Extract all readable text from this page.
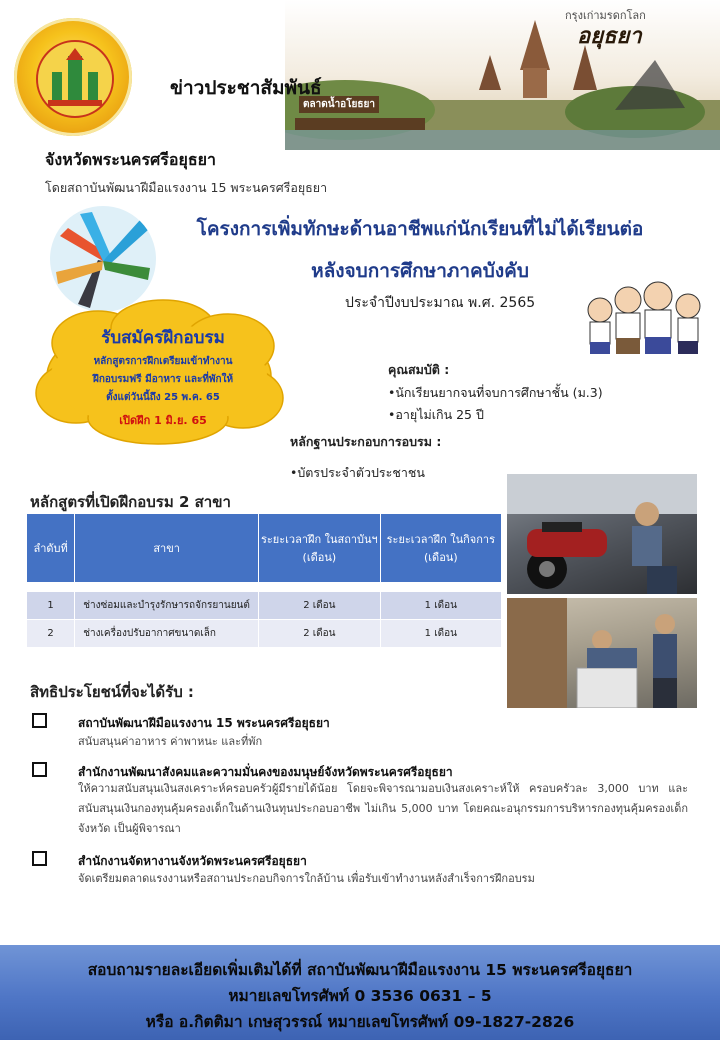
กรุงเก่ามรดกโลก
อยุธยา
ตลาดน้ำอโยธยา
ข่าวประชาสัมพันธ์
จังหวัดพระนครศรีอยุธยา
โดยสถาบันพัฒนาฝีมือแรงงาน 15 พระนครศรีอยุธยา
โครงการเพิ่มทักษะด้านอาชีพแก่นักเรียนที่ไม่ได้เรียนต่อ
หลังจบการศึกษาภาคบังคับ
ประจำปีงบประมาณ พ.ศ. 2565
รับสมัครฝึกอบรม
หลักสูตรการฝึกเตรียมเข้าทำงาน
ฝึกอบรมฟรี มีอาหาร และที่พักให้
ตั้งแต่วันนี้ถึง 25 พ.ค. 65
เปิดฝึก 1 มิ.ย. 65
คุณสมบัติ :
•นักเรียนยากจนที่จบการศึกษาชั้น (ม.3)
•อายุไม่เกิน 25 ปี
หลักฐานประกอบการอบรม :
•บัตรประจำตัวประชาชน
หลักสูตรที่เปิดฝึกอบรม 2 สาขา
ลำดับที่	สาขา	ระยะเวลาฝึก ในสถาบันฯ (เดือน)	ระยะเวลาฝึก ในกิจการ (เดือน)

1	ช่างซ่อมและบำรุงรักษารถจักรยานยนต์	2 เดือน	1 เดือน
2	ช่างเครื่องปรับอากาศขนาดเล็ก	2 เดือน	1 เดือน
สิทธิประโยชน์ที่จะได้รับ :
สถาบันพัฒนาฝีมือแรงงาน 15 พระนครศรีอยุธยา
สนับสนุนค่าอาหาร ค่าพาหนะ และที่พัก
สำนักงานพัฒนาสังคมและความมั่นคงของมนุษย์จังหวัดพระนครศรีอยุธยา
ให้ความสนับสนุนเงินสงเคราะห์ครอบครัวผู้มีรายได้น้อย โดยจะพิจารณามอบเงินสงเคราะห์ให้ ครอบครัวละ 3,000 บาท และสนับสนุนเงินกองทุนคุ้มครองเด็กในด้านเงินทุนประกอบอาชีพ ไม่เกิน 5,000 บาท โดยคณะอนุกรรมการบริหารกองทุนคุ้มครองเด็กจังหวัด เป็นผู้พิจารณา
สำนักงานจัดหางานจังหวัดพระนครศรีอยุธยา
จัดเตรียมตลาดแรงงานหรือสถานประกอบกิจการใกล้บ้าน เพื่อรับเข้าทำงานหลังสำเร็จการฝึกอบรม
สอบถามรายละเอียดเพิ่มเติมได้ที่ สถาบันพัฒนาฝีมือแรงงาน 15 พระนครศรีอยุธยา
หมายเลขโทรศัพท์ 0 3536 0631 – 5
หรือ อ.กิตติมา เกษสุวรรณ์ หมายเลขโทรศัพท์ 09-1827-2826
